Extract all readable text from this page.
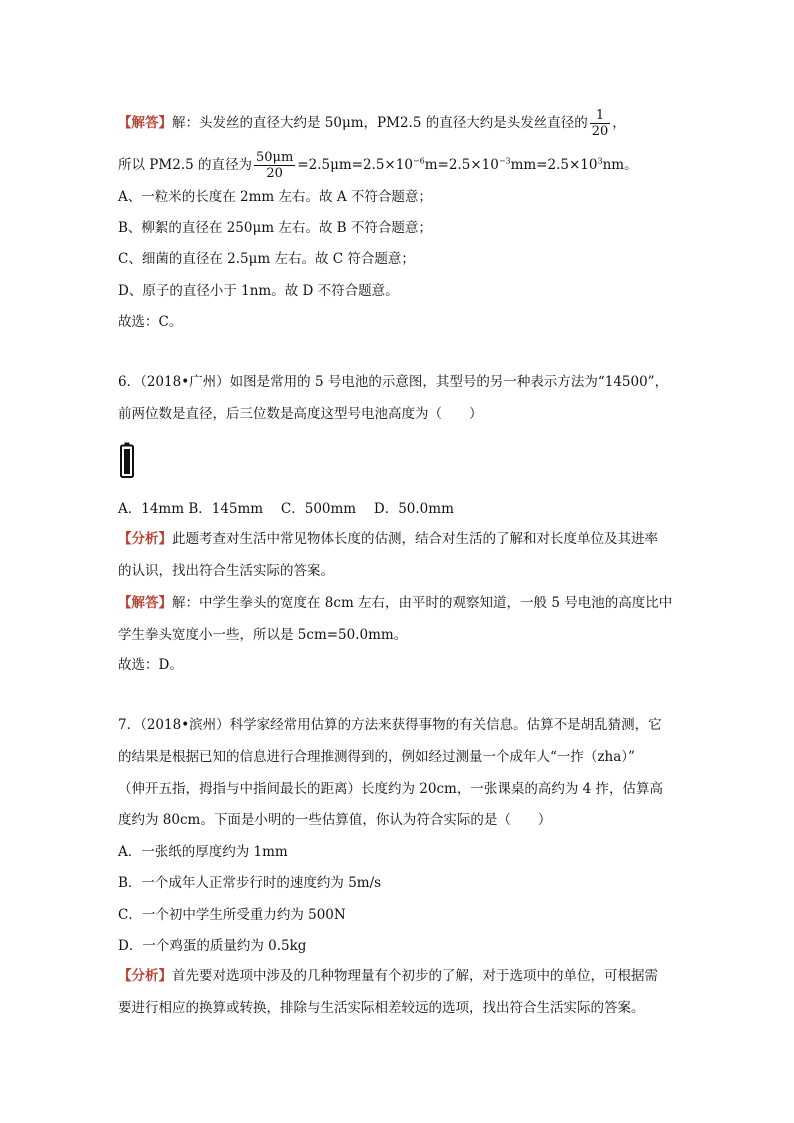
【解答】解：头发丝的直径大约是 50μm，PM2.5 的直径大约是头发丝直径的 $\frac{1}{20}$ ，
所以 PM2.5 的直径为 $\frac{50\mu m}{20} =2.5\mu m=2.5\times 10^{-6}m=2.5\times 10^{-3}mm=2.5\times 10^3nm$。
A、一粒米的长度在 2mm 左右。故 A 不符合题意；
B、柳絮的直径在 250μm 左右。故 B 不符合题意；
C、细菌的直径在 2.5μm 左右。故 C 符合题意；
D、原子的直径小于 1nm。故 D 不符合题意。
故选：C。
6．（2018•广州）如图是常用的 5 号电池的示意图，其型号的另一种表示方法为“14500”，
前两位数是直径，后三位数是高度这型号电池高度为（　　）
A．14mm B．145mm　 C．500mm　 D．50.0mm
【分析】此题考查对生活中常见物体长度的估测，结合对生活的了解和对长度单位及其进率
的认识，找出符合生活实际的答案。
【解答】解：中学生拳头的宽度在 8cm 左右，由平时的观察知道，一般 5 号电池的高度比中
学生拳头宽度小一些，所以是 5cm=50.0mm。
故选：D。
7．（2018•滨州）科学家经常用估算的方法来获得事物的有关信息。估算不是胡乱猜测，它
的结果是根据已知的信息进行合理推测得到的，例如经过测量一个成年人“一拃（zha）”
（伸开五指，拇指与中指间最长的距离）长度约为 20cm，一张课桌的高约为 4 拃，估算高
度约为 80cm。下面是小明的一些估算值，你认为符合实际的是（　　）
A．一张纸的厚度约为 1mm
B．一个成年人正常步行时的速度约为 5m/s
C．一个初中学生所受重力约为 500N
D．一个鸡蛋的质量约为 0.5kg
【分析】首先要对选项中涉及的几种物理量有个初步的了解，对于选项中的单位，可根据需
要进行相应的换算或转换，排除与生活实际相差较远的选项，找出符合生活实际的答案。
